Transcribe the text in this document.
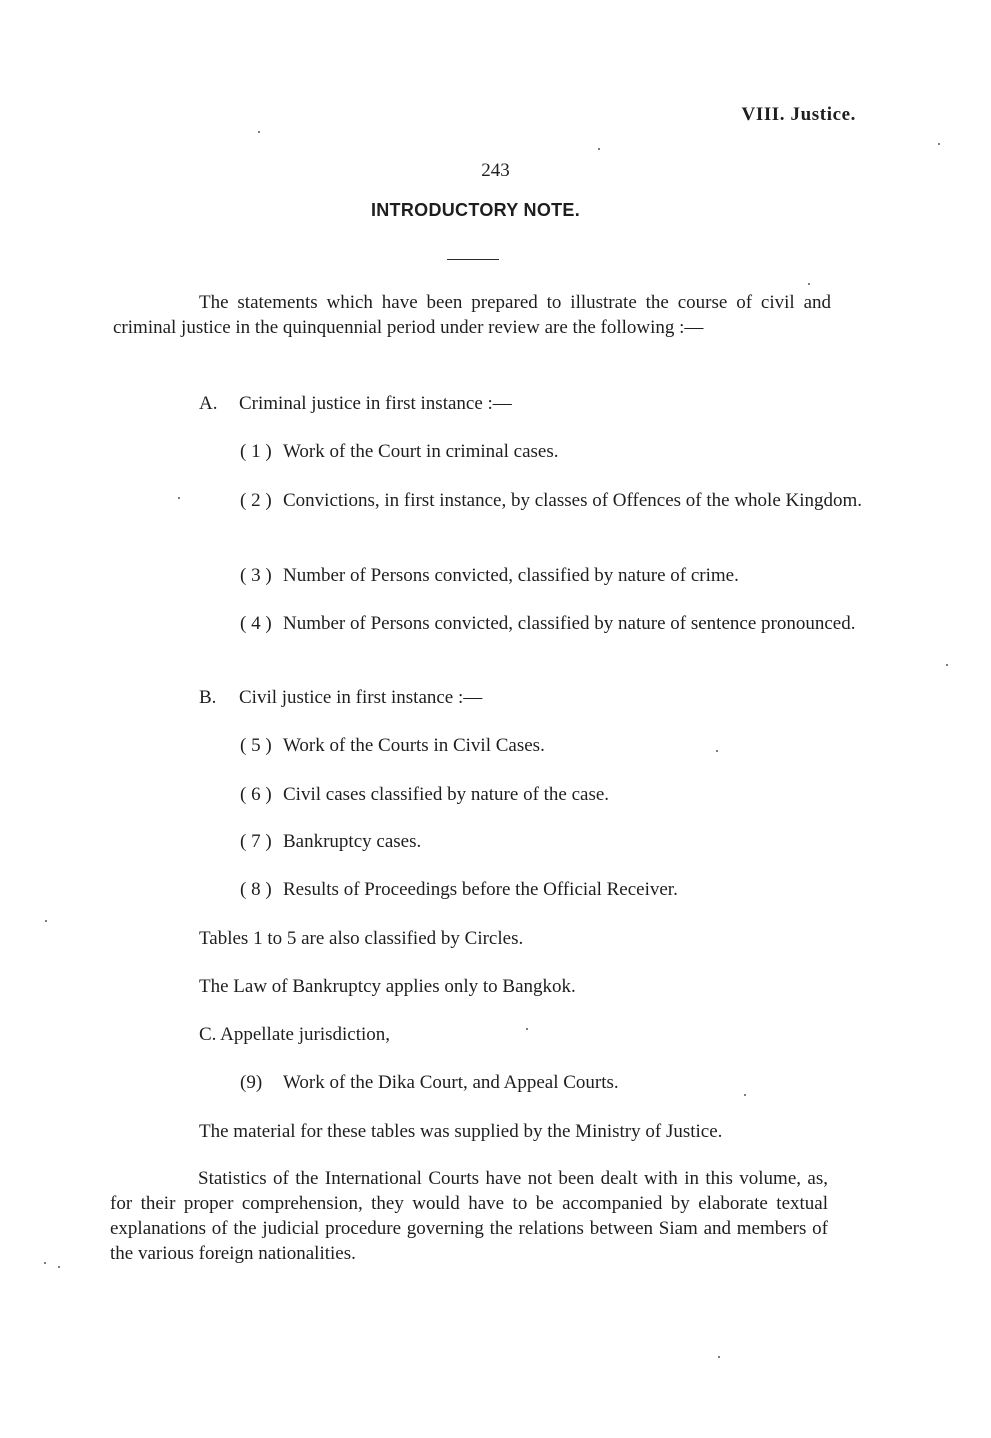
VIII. Justice.
243
INTRODUCTORY NOTE.

The statements which have been prepared to illustrate the course of civil and criminal justice in the quinquennial period under review are the following :—

A. Criminal justice in first instance :—
( 1 ) Work of the Court in criminal cases.
( 2 ) Convictions, in first instance, by classes of Offences of the whole Kingdom.
( 3 ) Number of Persons convicted, classified by nature of crime.
( 4 ) Number of Persons convicted, classified by nature of sentence pronounced.
B. Civil justice in first instance :—
( 5 ) Work of the Courts in Civil Cases.
( 6 ) Civil cases classified by nature of the case.
( 7 ) Bankruptcy cases.
( 8 ) Results of Proceedings before the Official Receiver.
Tables 1 to 5 are also classified by Circles.
The Law of Bankruptcy applies only to Bangkok.
C. Appellate jurisdiction,
(9) Work of the Dika Court, and Appeal Courts.
The material for these tables was supplied by the Ministry of Justice.

Statistics of the International Courts have not been dealt with in this volume, as, for their proper comprehension, they would have to be accompanied by elaborate textual explanations of the judicial procedure governing the relations between Siam and members of the various foreign nationalities.
